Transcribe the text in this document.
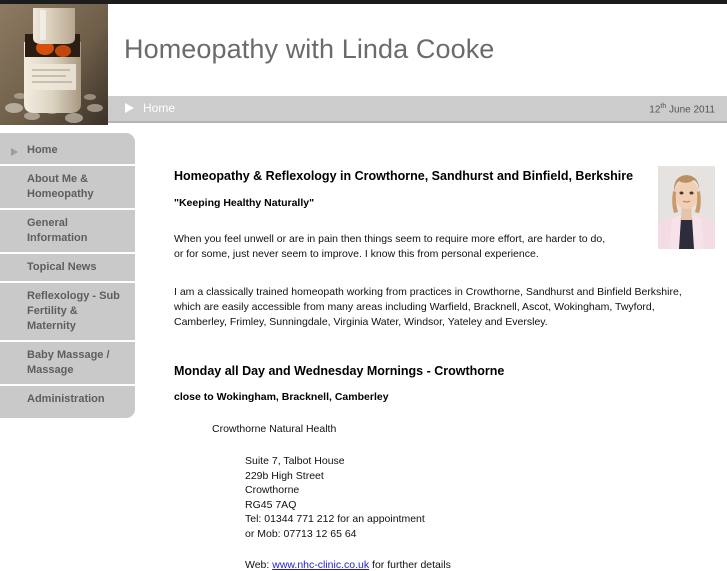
Homeopathy with Linda Cooke
Home	12th June 2011
Home
About Me & Homeopathy
General Information
Topical News
Reflexology - Sub Fertility & Maternity
Baby Massage / Massage
Administration
Homeopathy & Reflexology in Crowthorne, Sandhurst and Binfield, Berkshire
"Keeping Healthy Naturally"

When you feel unwell or are in pain then things seem to require more effort, are harder to do, or for some, just never seem to improve. I know this from personal experience.

I am a classically trained homeopath working from practices in Crowthorne, Sandhurst and Binfield Berkshire, which are easily accessible from many areas including Warfield, Bracknell, Ascot, Wokingham, Twyford, Camberley, Frimley, Sunningdale, Virginia Water, Windsor, Yateley and Eversley.

Monday all Day and Wednesday Mornings - Crowthorne
close to Wokingham, Bracknell, Camberley
Crowthorne Natural Health
Suite 7, Talbot House
229b High Street
Crowthorne
RG45 7AQ
Tel: 01344 771 212 for an appointment
or Mob: 07713 12 65 64
Web: www.nhc-clinic.co.uk for further details
